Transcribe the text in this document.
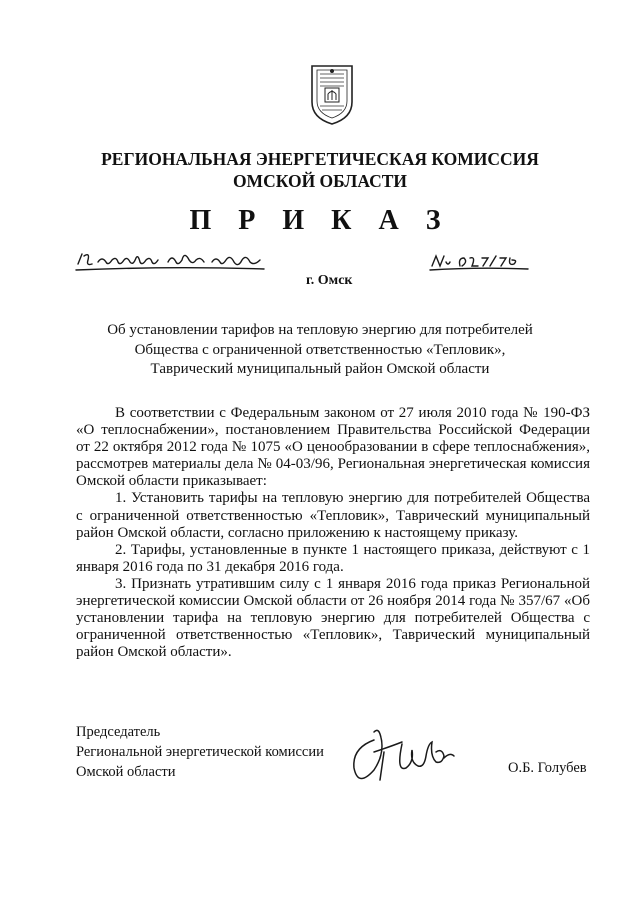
РЕГИОНАЛЬНАЯ ЭНЕРГЕТИЧЕСКАЯ КОМИССИЯ
ОМСКОЙ ОБЛАСТИ
П Р И К А З
г. Омск
Об установлении тарифов на тепловую энергию для потребителей
Общества с ограниченной ответственностью «Тепловик»,
Таврический муниципальный район Омской области

В соответствии с Федеральным законом от 27 июля 2010 года № 190-ФЗ «О теплоснабжении», постановлением Правительства Российской Федерации от 22 октября 2012 года № 1075 «О ценообразовании в сфере теплоснабжения», рассмотрев материалы дела № 04-03/96, Региональная энергетическая комиссия Омской области приказывает:

1. Установить тарифы на тепловую энергию для потребителей Общества с ограниченной ответственностью «Тепловик», Таврический муниципальный район Омской области, согласно приложению к настоящему приказу.

2. Тарифы, установленные в пункте 1 настоящего приказа, действуют с 1 января 2016 года по 31 декабря 2016 года.

3. Признать утратившим силу с 1 января 2016 года приказ Региональной энергетической комиссии Омской области от 26 ноября 2014 года № 357/67 «Об установлении тарифа на тепловую энергию для потребителей Общества с ограниченной ответственностью «Тепловик», Таврический муниципальный район Омской области».

Председатель
Региональной энергетической комиссии
Омской области	О.Б. Голубев
